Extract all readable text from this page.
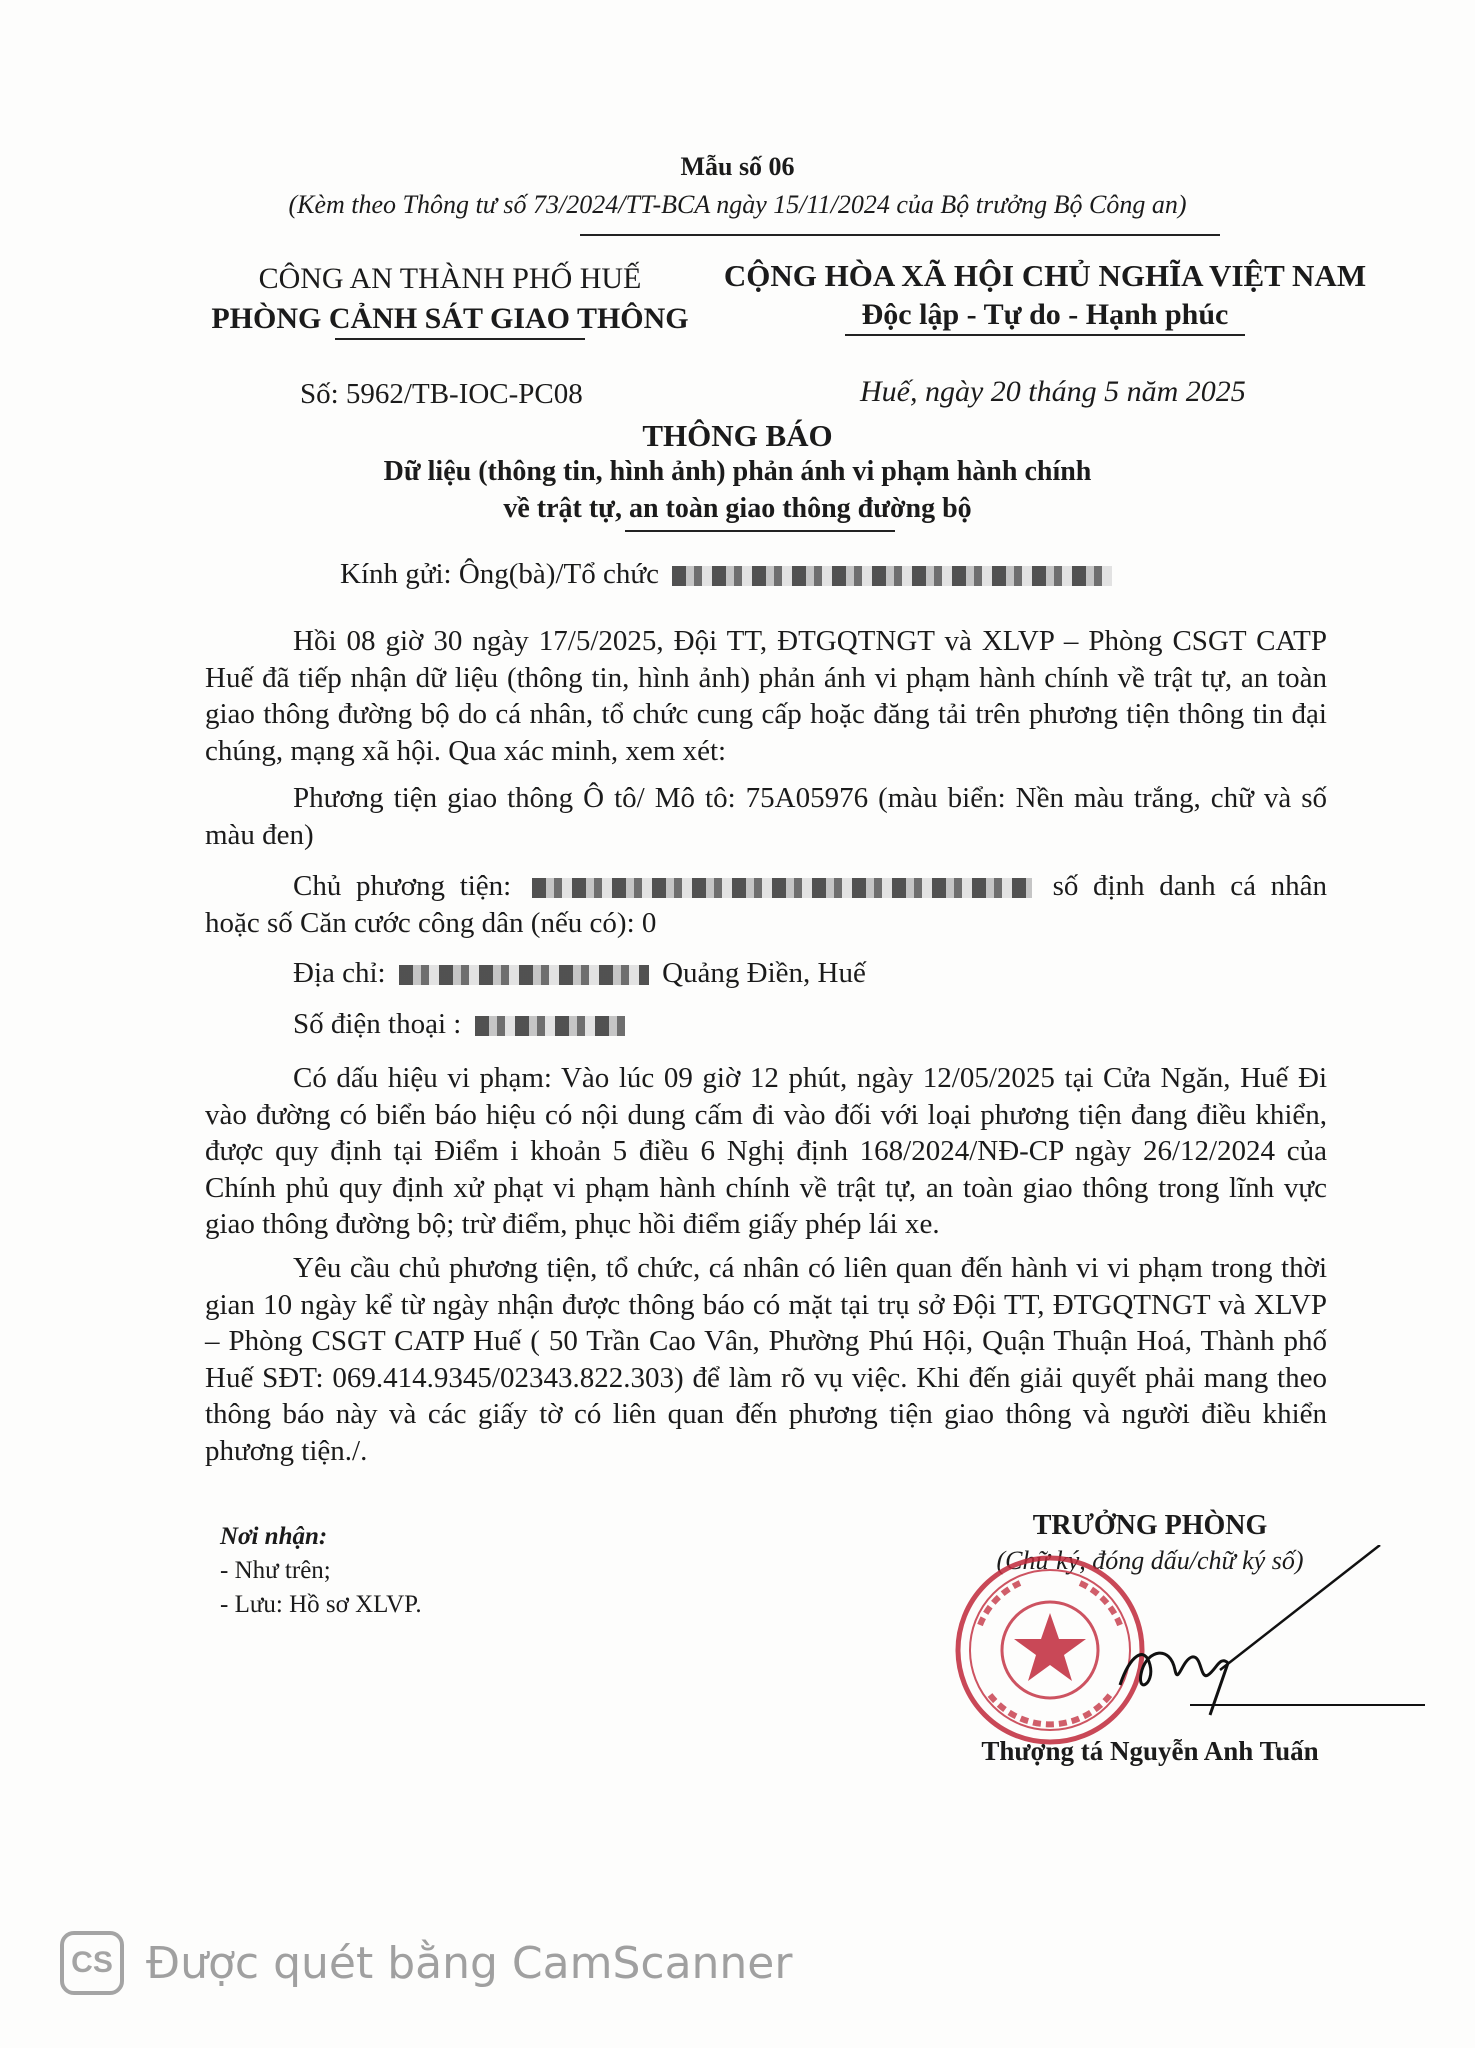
Mẫu số 06
(Kèm theo Thông tư số 73/2024/TT-BCA ngày 15/11/2024 của Bộ trưởng Bộ Công an)
CÔNG AN THÀNH PHỐ HUẾ
PHÒNG CẢNH SÁT GIAO THÔNG
CỘNG HÒA XÃ HỘI CHỦ NGHĨA VIỆT NAM
Độc lập - Tự do - Hạnh phúc
Số: 5962/TB-IOC-PC08	Huế, ngày 20 tháng 5 năm 2025
THÔNG BÁO
Dữ liệu (thông tin, hình ảnh) phản ánh vi phạm hành chính
về trật tự, an toàn giao thông đường bộ
Kính gửi: Ông(bà)/Tổ chức
Hồi 08 giờ 30 ngày 17/5/2025, Đội TT, ĐTGQTNGT và XLVP – Phòng CSGT CATP Huế đã tiếp nhận dữ liệu (thông tin, hình ảnh) phản ánh vi phạm hành chính về trật tự, an toàn giao thông đường bộ do cá nhân, tổ chức cung cấp hoặc đăng tải trên phương tiện thông tin đại chúng, mạng xã hội. Qua xác minh, xem xét:
Phương tiện giao thông Ô tô/ Mô tô: 75A05976 (màu biển: Nền màu trắng, chữ và số màu đen)
Chủ phương tiện:	số định danh cá nhân hoặc số Căn cước công dân (nếu có): 0
Địa chỉ:	Quảng Điền, Huế
Số điện thoại :
Có dấu hiệu vi phạm: Vào lúc 09 giờ 12 phút, ngày 12/05/2025 tại Cửa Ngăn, Huế Đi vào đường có biển báo hiệu có nội dung cấm đi vào đối với loại phương tiện đang điều khiển, được quy định tại Điểm i khoản 5 điều 6 Nghị định 168/2024/NĐ-CP ngày 26/12/2024 của Chính phủ quy định xử phạt vi phạm hành chính về trật tự, an toàn giao thông trong lĩnh vực giao thông đường bộ; trừ điểm, phục hồi điểm giấy phép lái xe.
Yêu cầu chủ phương tiện, tổ chức, cá nhân có liên quan đến hành vi vi phạm trong thời gian 10 ngày kể từ ngày nhận được thông báo có mặt tại trụ sở Đội TT, ĐTGQTNGT và XLVP – Phòng CSGT CATP Huế ( 50 Trần Cao Vân, Phường Phú Hội, Quận Thuận Hoá, Thành phố Huế SĐT: 069.414.9345/02343.822.303) để làm rõ vụ việc. Khi đến giải quyết phải mang theo thông báo này và các giấy tờ có liên quan đến phương tiện giao thông và người điều khiển phương tiện./.
Nơi nhận:
- Như trên;
- Lưu: Hồ sơ XLVP.
TRƯỞNG PHÒNG
(Chữ ký, đóng dấu/chữ ký số)
Thượng tá Nguyễn Anh Tuấn
CS Được quét bằng CamScanner
